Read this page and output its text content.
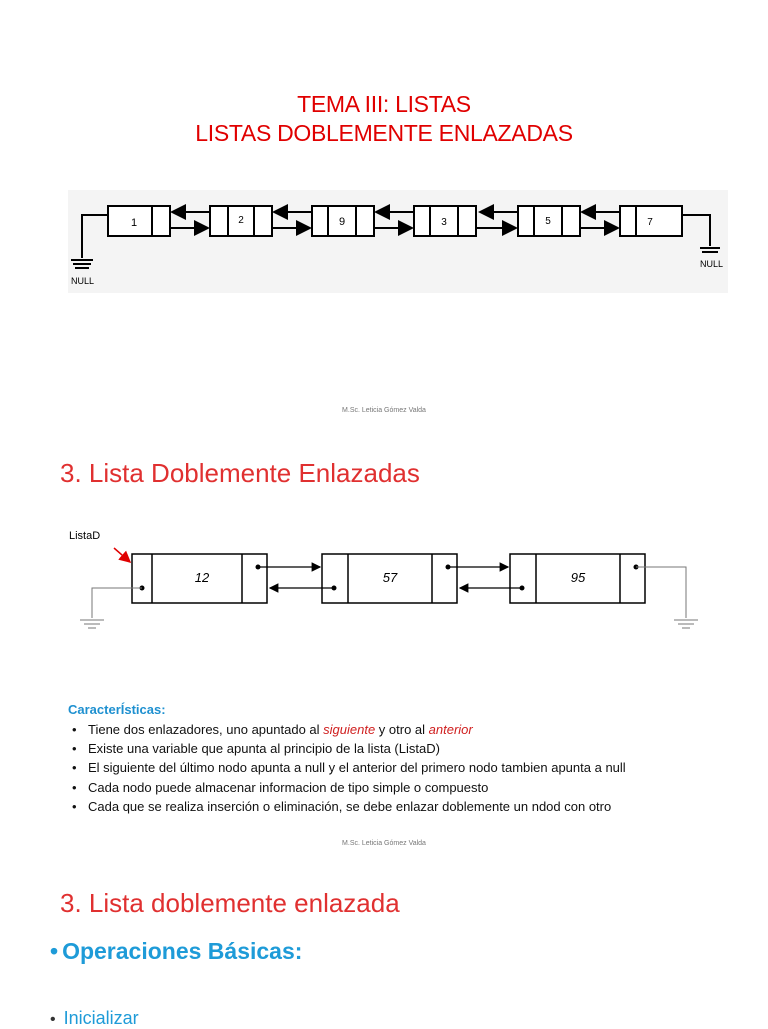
TEMA III: LISTAS
LISTAS DOBLEMENTE ENLAZADAS
NULL
1	2	9	3	5	7
NULL
M.Sc. Leticia Gómez Valda
3. Lista Doblemente Enlazadas
ListaD
12	57	95
CaracterÍsticas:
• Tiene dos enlazadores, uno apuntado al siguiente y otro al anterior
• Existe una variable que apunta al principio de la lista (ListaD)
• El siguiente del último nodo apunta a null y el anterior del primero nodo tambien apunta a null
• Cada nodo puede almacenar informacion de tipo simple o compuesto
• Cada que se realiza inserción o eliminación, se debe enlazar doblemente un ndod con otro
M.Sc. Leticia Gómez Valda
3. Lista doblemente enlazada
• Operaciones Básicas:
• Inicializar
